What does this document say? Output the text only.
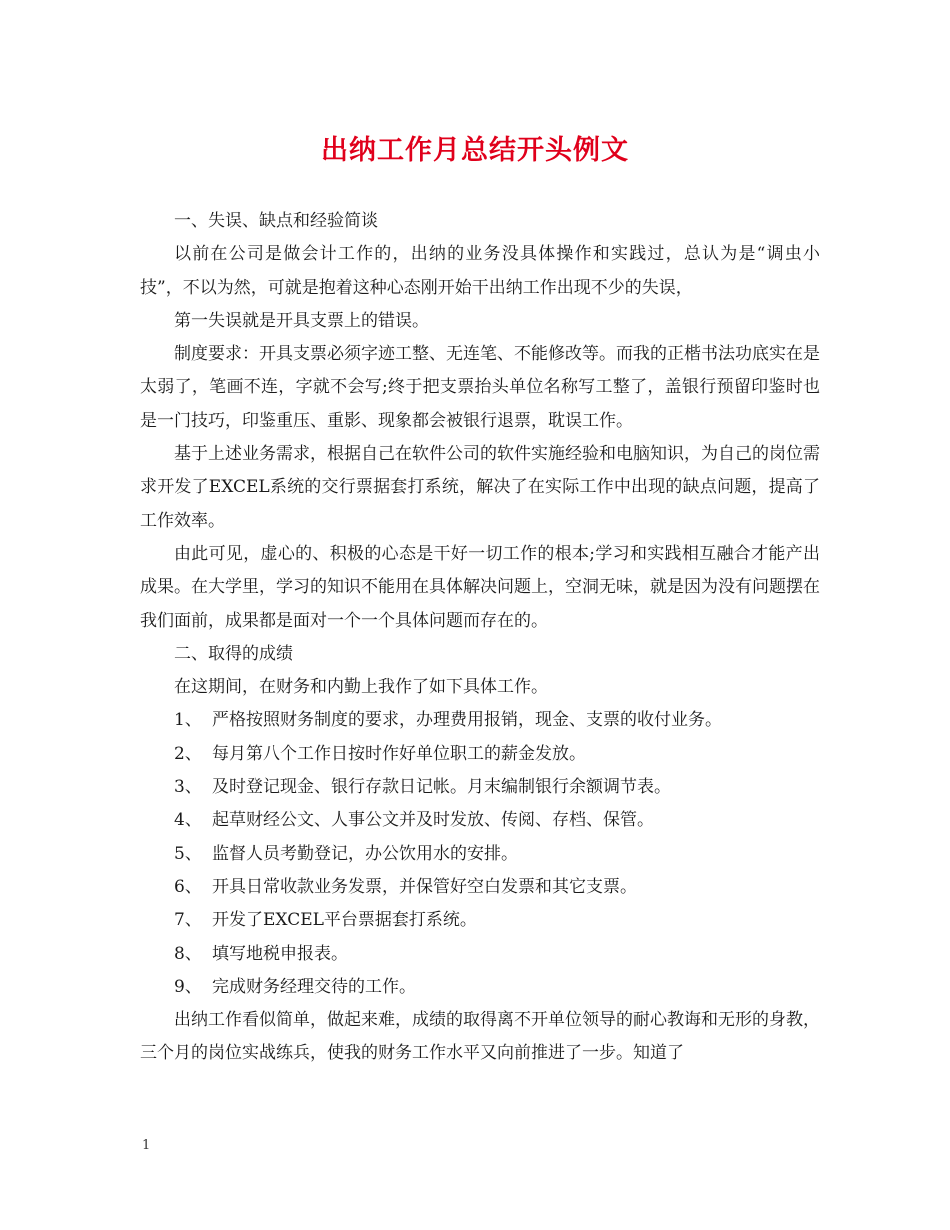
出纳工作月总结开头例文

一、失误、缺点和经验简谈

以前在公司是做会计工作的，出纳的业务没具体操作和实践过，总认为是“调虫小技”，不以为然，可就是抱着这种心态刚开始干出纳工作出现不少的失误，

第一失误就是开具支票上的错误。

制度要求：开具支票必须字迹工整、无连笔、不能修改等。而我的正楷书法功底实在是太弱了，笔画不连，字就不会写;终于把支票抬头单位名称写工整了，盖银行预留印鉴时也是一门技巧，印鉴重压、重影、现象都会被银行退票，耽误工作。

基于上述业务需求，根据自己在软件公司的软件实施经验和电脑知识，为自己的岗位需求开发了EXCEL系统的交行票据套打系统，解决了在实际工作中出现的缺点问题，提高了工作效率。

由此可见，虚心的、积极的心态是干好一切工作的根本;学习和实践相互融合才能产出成果。在大学里，学习的知识不能用在具体解决问题上，空洞无味，就是因为没有问题摆在我们面前，成果都是面对一个一个具体问题而存在的。

二、取得的成绩

在这期间，在财务和内勤上我作了如下具体工作。

1、 严格按照财务制度的要求，办理费用报销，现金、支票的收付业务。
2、 每月第八个工作日按时作好单位职工的薪金发放。
3、 及时登记现金、银行存款日记帐。月末编制银行余额调节表。
4、 起草财经公文、人事公文并及时发放、传阅、存档、保管。
5、 监督人员考勤登记，办公饮用水的安排。
6、 开具日常收款业务发票，并保管好空白发票和其它支票。
7、 开发了EXCEL平台票据套打系统。
8、 填写地税申报表。
9、 完成财务经理交待的工作。

出纳工作看似简单，做起来难，成绩的取得离不开单位领导的耐心教诲和无形的身教，三个月的岗位实战练兵，使我的财务工作水平又向前推进了一步。知道了

1
